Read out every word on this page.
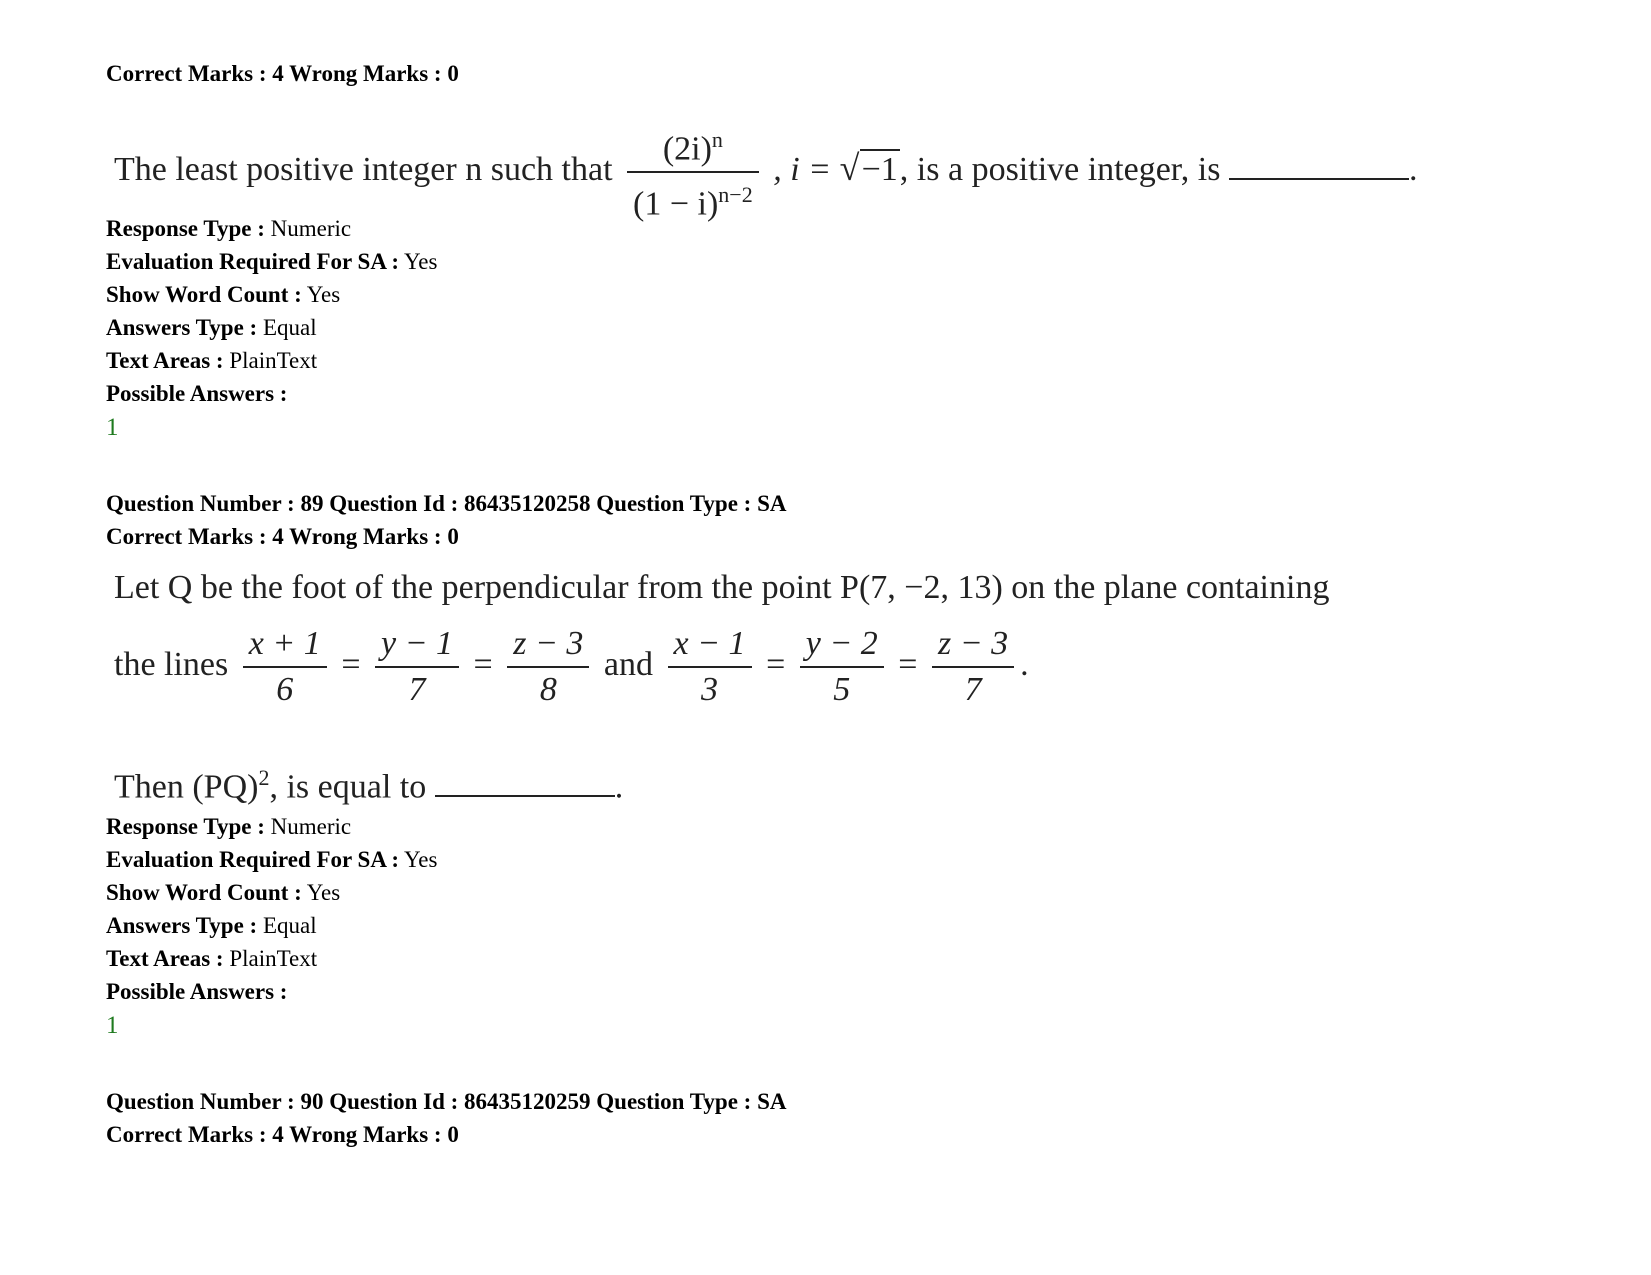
Correct Marks : 4 Wrong Marks : 0
The least positive integer n such that $\frac{(2i)^n}{(1 - i)^{n-2}}$ , i = √ −1, is a positive integer, is	.
Response Type : Numeric
Evaluation Required For SA : Yes
Show Word Count : Yes
Answers Type : Equal
Text Areas : PlainText
Possible Answers :
1
Question Number : 89 Question Id : 86435120258 Question Type : SA
Correct Marks : 4 Wrong Marks : 0
Let Q be the foot of the perpendicular from the point P(7, −2, 13) on the plane containing
the lines $\frac{x + 1}{6} = \frac{y - 1}{7} = \frac{z - 3}{8}$ and $\frac{x - 1}{3} = \frac{y - 2}{5} = \frac{z - 3}{7}$ .
Then (PQ)$^2$, is equal to	.
Response Type : Numeric
Evaluation Required For SA : Yes
Show Word Count : Yes
Answers Type : Equal
Text Areas : PlainText
Possible Answers :
1
Question Number : 90 Question Id : 86435120259 Question Type : SA
Correct Marks : 4 Wrong Marks : 0
